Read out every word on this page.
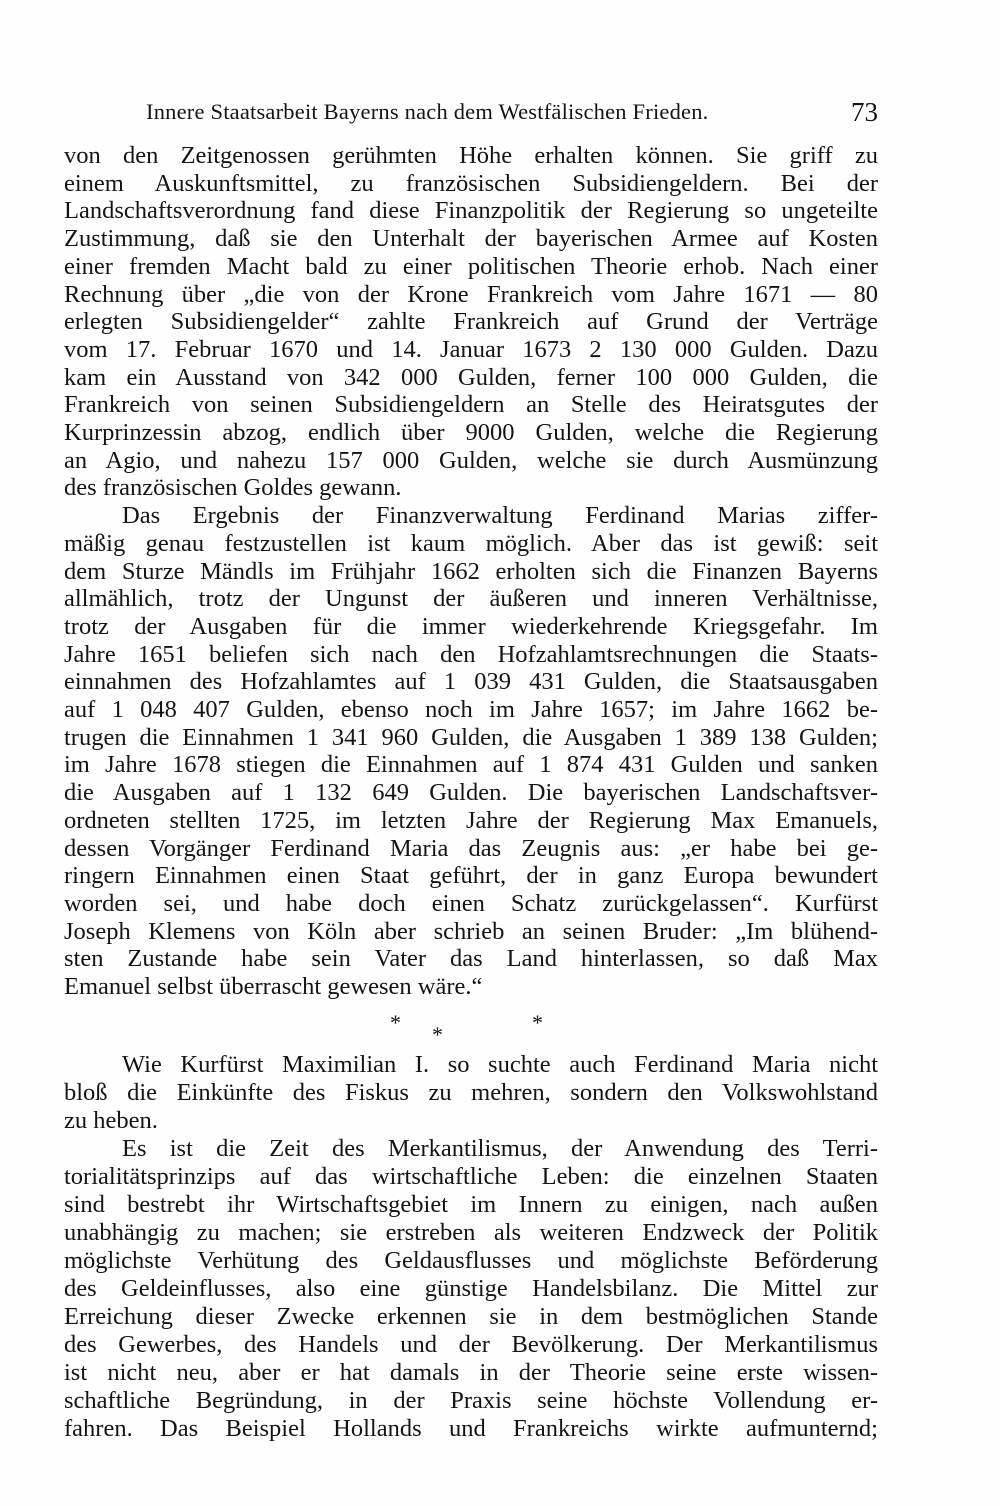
Innere Staatsarbeit Bayerns nach dem Westfälischen Frieden.	73
von den Zeitgenossen gerühmten Höhe erhalten können. Sie griff zu
einem Auskunftsmittel, zu französischen Subsidiengeldern. Bei der
Landschaftsverordnung fand diese Finanzpolitik der Regierung so ungeteilte
Zustimmung, daß sie den Unterhalt der bayerischen Armee auf Kosten
einer fremden Macht bald zu einer politischen Theorie erhob. Nach einer
Rechnung über „die von der Krone Frankreich vom Jahre 1671 — 80
erlegten Subsidiengelder“ zahlte Frankreich auf Grund der Verträge
vom 17. Februar 1670 und 14. Januar 1673 2 130 000 Gulden. Dazu
kam ein Ausstand von 342 000 Gulden, ferner 100 000 Gulden, die
Frankreich von seinen Subsidiengeldern an Stelle des Heiratsgutes der
Kurprinzessin abzog, endlich über 9000 Gulden, welche die Regierung
an Agio, und nahezu 157 000 Gulden, welche sie durch Ausmünzung
des französischen Goldes gewann.
Das Ergebnis der Finanzverwaltung Ferdinand Marias ziffer-
mäßig genau festzustellen ist kaum möglich. Aber das ist gewiß: seit
dem Sturze Mändls im Frühjahr 1662 erholten sich die Finanzen Bayerns
allmählich, trotz der Ungunst der äußeren und inneren Verhältnisse,
trotz der Ausgaben für die immer wiederkehrende Kriegsgefahr. Im
Jahre 1651 beliefen sich nach den Hofzahlamtsrechnungen die Staats-
einnahmen des Hofzahlamtes auf 1 039 431 Gulden, die Staatsausgaben
auf 1 048 407 Gulden, ebenso noch im Jahre 1657; im Jahre 1662 be-
trugen die Einnahmen 1 341 960 Gulden, die Ausgaben 1 389 138 Gulden;
im Jahre 1678 stiegen die Einnahmen auf 1 874 431 Gulden und sanken
die Ausgaben auf 1 132 649 Gulden. Die bayerischen Landschaftsver-
ordneten stellten 1725, im letzten Jahre der Regierung Max Emanuels,
dessen Vorgänger Ferdinand Maria das Zeugnis aus: „er habe bei ge-
ringern Einnahmen einen Staat geführt, der in ganz Europa bewundert
worden sei, und habe doch einen Schatz zurückgelassen“. Kurfürst
Joseph Klemens von Köln aber schrieb an seinen Bruder: „Im blühend-
sten Zustande habe sein Vater das Land hinterlassen, so daß Max
Emanuel selbst überrascht gewesen wäre.“
Wie Kurfürst Maximilian I. so suchte auch Ferdinand Maria nicht
bloß die Einkünfte des Fiskus zu mehren, sondern den Volkswohlstand
zu heben.
Es ist die Zeit des Merkantilismus, der Anwendung des Terri-
torialitätsprinzips auf das wirtschaftliche Leben: die einzelnen Staaten
sind bestrebt ihr Wirtschaftsgebiet im Innern zu einigen, nach außen
unabhängig zu machen; sie erstreben als weiteren Endzweck der Politik
möglichste Verhütung des Geldausflusses und möglichste Beförderung
des Geldeinflusses, also eine günstige Handelsbilanz. Die Mittel zur
Erreichung dieser Zwecke erkennen sie in dem bestmöglichen Stande
des Gewerbes, des Handels und der Bevölkerung. Der Merkantilismus
ist nicht neu, aber er hat damals in der Theorie seine erste wissen-
schaftliche Begründung, in der Praxis seine höchste Vollendung er-
fahren. Das Beispiel Hollands und Frankreichs wirkte aufmunternd;
* *	*
